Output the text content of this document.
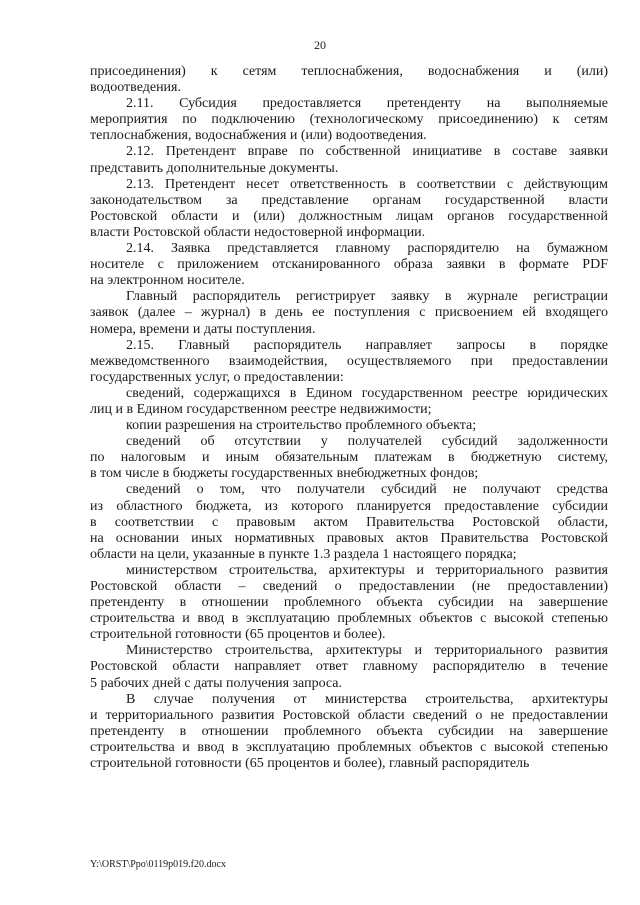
20
присоединения) к сетям теплоснабжения, водоснабжения и (или)
водоотведения.
2.11. Субсидия предоставляется претенденту на выполняемые
мероприятия по подключению (технологическому присоединению) к сетям
теплоснабжения, водоснабжения и (или) водоотведения.
2.12. Претендент вправе по собственной инициативе в составе заявки
представить дополнительные документы.
2.13. Претендент несет ответственность в соответствии с действующим
законодательством за представление органам государственной власти
Ростовской области и (или) должностным лицам органов государственной
власти Ростовской области недостоверной информации.
2.14. Заявка представляется главному распорядителю на бумажном
носителе с приложением отсканированного образа заявки в формате PDF
на электронном носителе.
Главный распорядитель регистрирует заявку в журнале регистрации
заявок (далее – журнал) в день ее поступления с присвоением ей входящего
номера, времени и даты поступления.
2.15. Главный распорядитель направляет запросы в порядке
межведомственного взаимодействия, осуществляемого при предоставлении
государственных услуг, о предоставлении:
сведений, содержащихся в Едином государственном реестре юридических
лиц и в Едином государственном реестре недвижимости;
копии разрешения на строительство проблемного объекта;
сведений об отсутствии у получателей субсидий задолженности
по налоговым и иным обязательным платежам в бюджетную систему,
в том числе в бюджеты государственных внебюджетных фондов;
сведений о том, что получатели субсидий не получают средства
из областного бюджета, из которого планируется предоставление субсидии
в соответствии с правовым актом Правительства Ростовской области,
на основании иных нормативных правовых актов Правительства Ростовской
области на цели, указанные в пункте 1.3 раздела 1 настоящего порядка;
министерством строительства, архитектуры и территориального развития
Ростовской области – сведений о предоставлении (не предоставлении)
претенденту в отношении проблемного объекта субсидии на завершение
строительства и ввод в эксплуатацию проблемных объектов с высокой степенью
строительной готовности (65 процентов и более).
Министерство строительства, архитектуры и территориального развития
Ростовской области направляет ответ главному распорядителю в течение
5 рабочих дней с даты получения запроса.
В случае получения от министерства строительства, архитектуры
и территориального развития Ростовской области сведений о не предоставлении
претенденту в отношении проблемного объекта субсидии на завершение
строительства и ввод в эксплуатацию проблемных объектов с высокой степенью
строительной готовности (65 процентов и более), главный распорядитель
Y:\ORST\Ppo\0119p019.f20.docx
